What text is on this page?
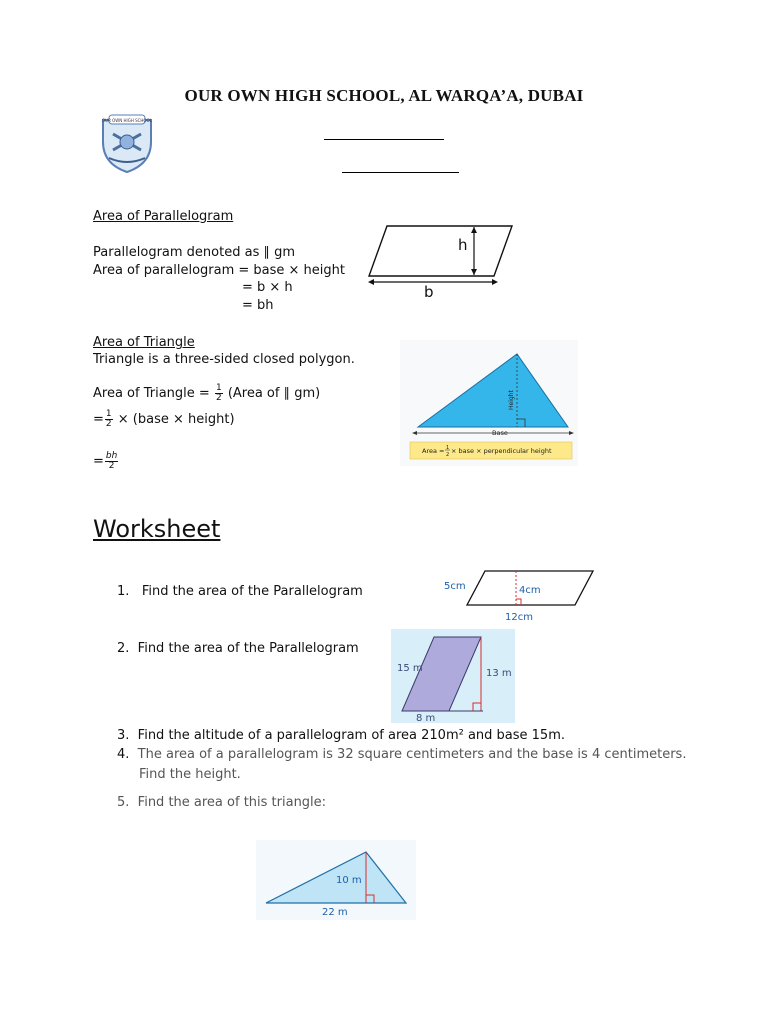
OUR OWN HIGH SCHOOL, AL WARQA’A, DUBAI
OUR OWN HIGH SCHOOL
Area of Parallelogram
Parallelogram denoted as ∥ gm
Area of parallelogram = base × height
= b × h
= bh
h
b
Area of Triangle
Triangle is a three-sided closed polygon.
Area of Triangle = $\frac{1}{2}$ (Area of ∥ gm)
= $\frac{1}{2}$ × (base × height)
= $\frac{bh}{2}$
Height
Base
Area = 1
2 × base × perpendicular height
Worksheet
1. Find the area of the Parallelogram	5cm	4cm
12cm
2. Find the area of the Parallelogram
15 m	13 m
8 m
3. Find the altitude of a parallelogram of area 210m² and base 15m.
4. The area of a parallelogram is 32 square centimeters and the base is 4 centimeters.
Find the height.
5. Find the area of this triangle:
10 m
22 m
